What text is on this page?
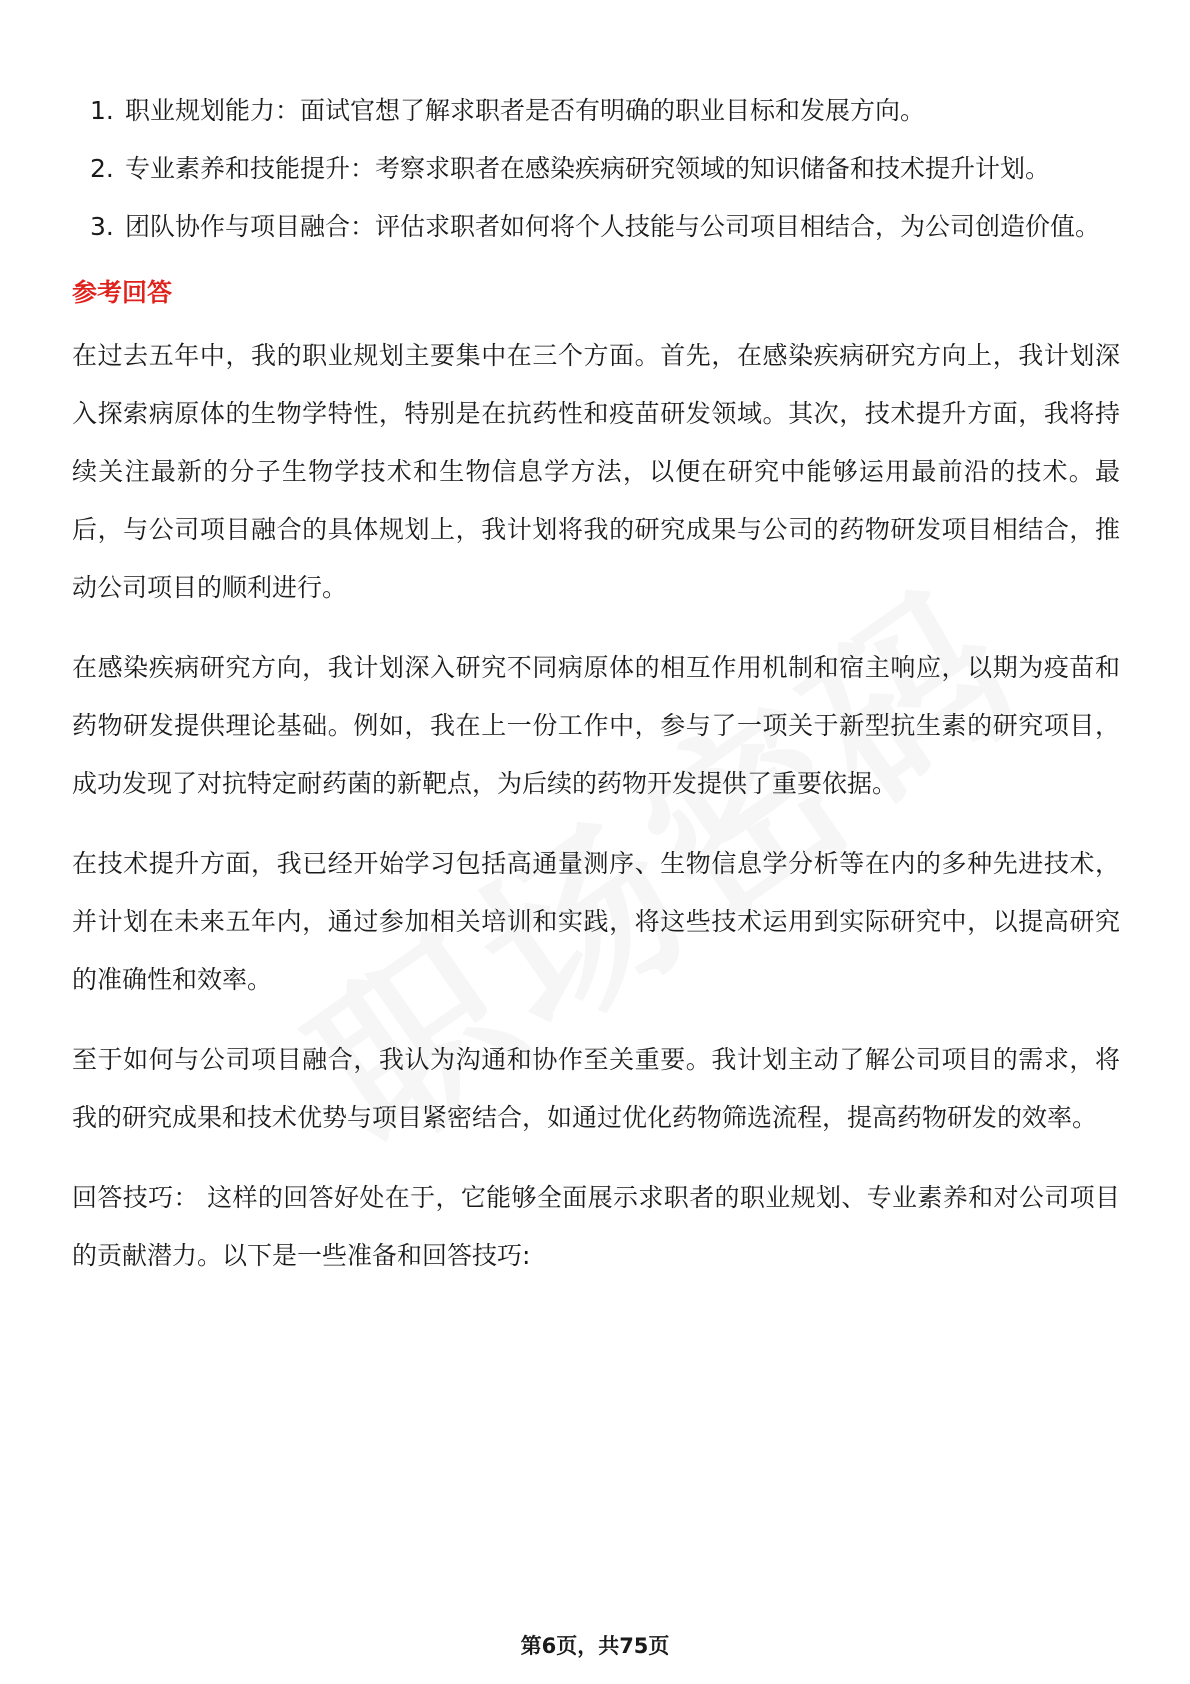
1. 职业规划能力：面试官想了解求职者是否有明确的职业目标和发展方向。
2. 专业素养和技能提升：考察求职者在感染疾病研究领域的知识储备和技术提升计划。
3. 团队协作与项目融合：评估求职者如何将个人技能与公司项目相结合，为公司创造价值。
参考回答

在过去五年中，我的职业规划主要集中在三个方面。首先，在感染疾病研究方向上，我计划深入探索病原体的生物学特性，特别是在抗药性和疫苗研发领域。其次，技术提升方面，我将持续关注最新的分子生物学技术和生物信息学方法，以便在研究中能够运用最前沿的技术。最后，与公司项目融合的具体规划上，我计划将我的研究成果与公司的药物研发项目相结合，推动公司项目的顺利进行。

在感染疾病研究方向，我计划深入研究不同病原体的相互作用机制和宿主响应，以期为疫苗和药物研发提供理论基础。例如，我在上一份工作中，参与了一项关于新型抗生素的研究项目，成功发现了对抗特定耐药菌的新靶点，为后续的药物开发提供了重要依据。

在技术提升方面，我已经开始学习包括高通量测序、生物信息学分析等在内的多种先进技术，并计划在未来五年内，通过参加相关培训和实践，将这些技术运用到实际研究中，以提高研究的准确性和效率。

至于如何与公司项目融合，我认为沟通和协作至关重要。我计划主动了解公司项目的需求，将我的研究成果和技术优势与项目紧密结合，如通过优化药物筛选流程，提高药物研发的效率。

回答技巧： 这样的回答好处在于，它能够全面展示求职者的职业规划、专业素养和对公司项目的贡献潜力。以下是一些准备和回答技巧:

第6页，共75页
